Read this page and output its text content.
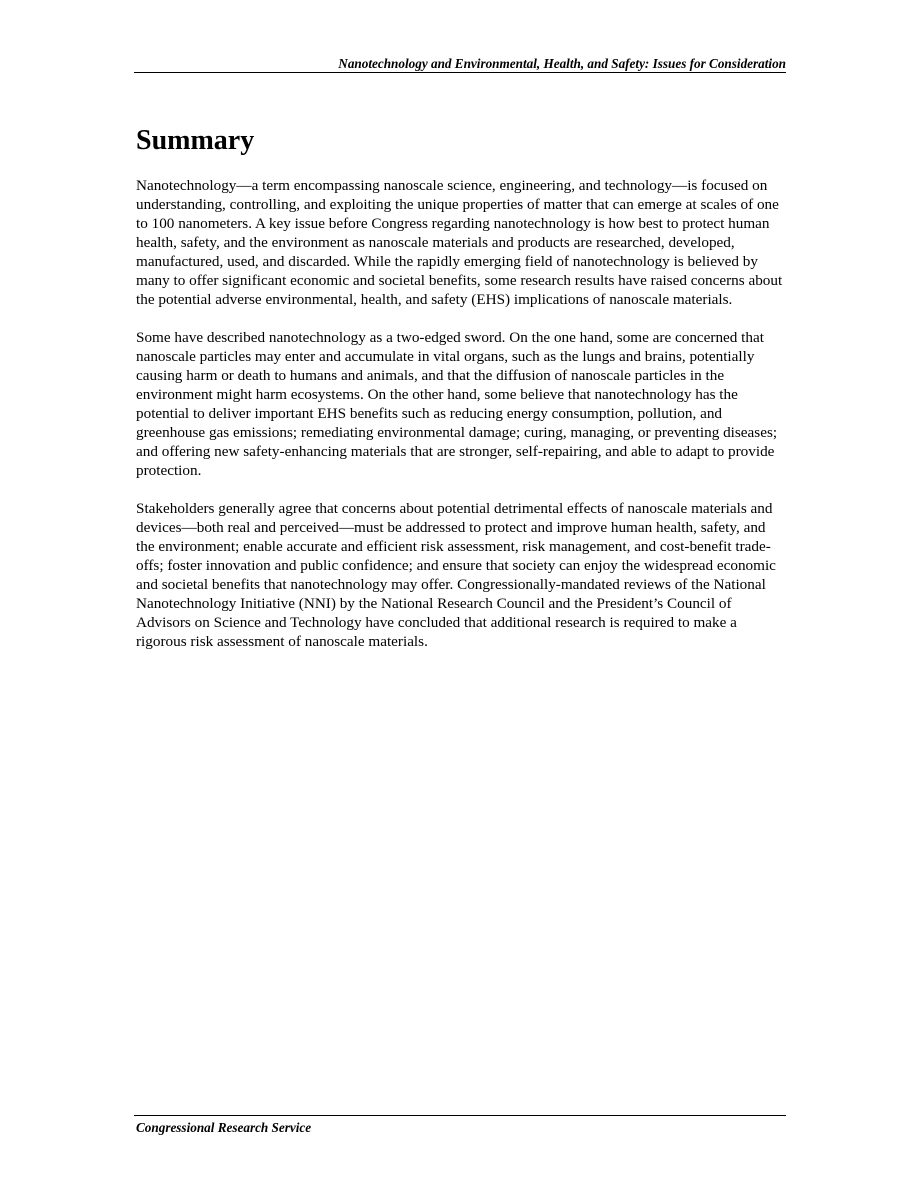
Nanotechnology and Environmental, Health, and Safety: Issues for Consideration
Summary

Nanotechnology—a term encompassing nanoscale science, engineering, and technology—is focused on understanding, controlling, and exploiting the unique properties of matter that can emerge at scales of one to 100 nanometers. A key issue before Congress regarding nanotechnology is how best to protect human health, safety, and the environment as nanoscale materials and products are researched, developed, manufactured, used, and discarded. While the rapidly emerging field of nanotechnology is believed by many to offer significant economic and societal benefits, some research results have raised concerns about the potential adverse environmental, health, and safety (EHS) implications of nanoscale materials.

Some have described nanotechnology as a two-edged sword. On the one hand, some are concerned that nanoscale particles may enter and accumulate in vital organs, such as the lungs and brains, potentially causing harm or death to humans and animals, and that the diffusion of nanoscale particles in the environment might harm ecosystems. On the other hand, some believe that nanotechnology has the potential to deliver important EHS benefits such as reducing energy consumption, pollution, and greenhouse gas emissions; remediating environmental damage; curing, managing, or preventing diseases; and offering new safety-enhancing materials that are stronger, self-repairing, and able to adapt to provide protection.

Stakeholders generally agree that concerns about potential detrimental effects of nanoscale materials and devices—both real and perceived—must be addressed to protect and improve human health, safety, and the environment; enable accurate and efficient risk assessment, risk management, and cost-benefit trade-offs; foster innovation and public confidence; and ensure that society can enjoy the widespread economic and societal benefits that nanotechnology may offer. Congressionally-mandated reviews of the National Nanotechnology Initiative (NNI) by the National Research Council and the President’s Council of Advisors on Science and Technology have concluded that additional research is required to make a rigorous risk assessment of nanoscale materials.

Congressional Research Service
